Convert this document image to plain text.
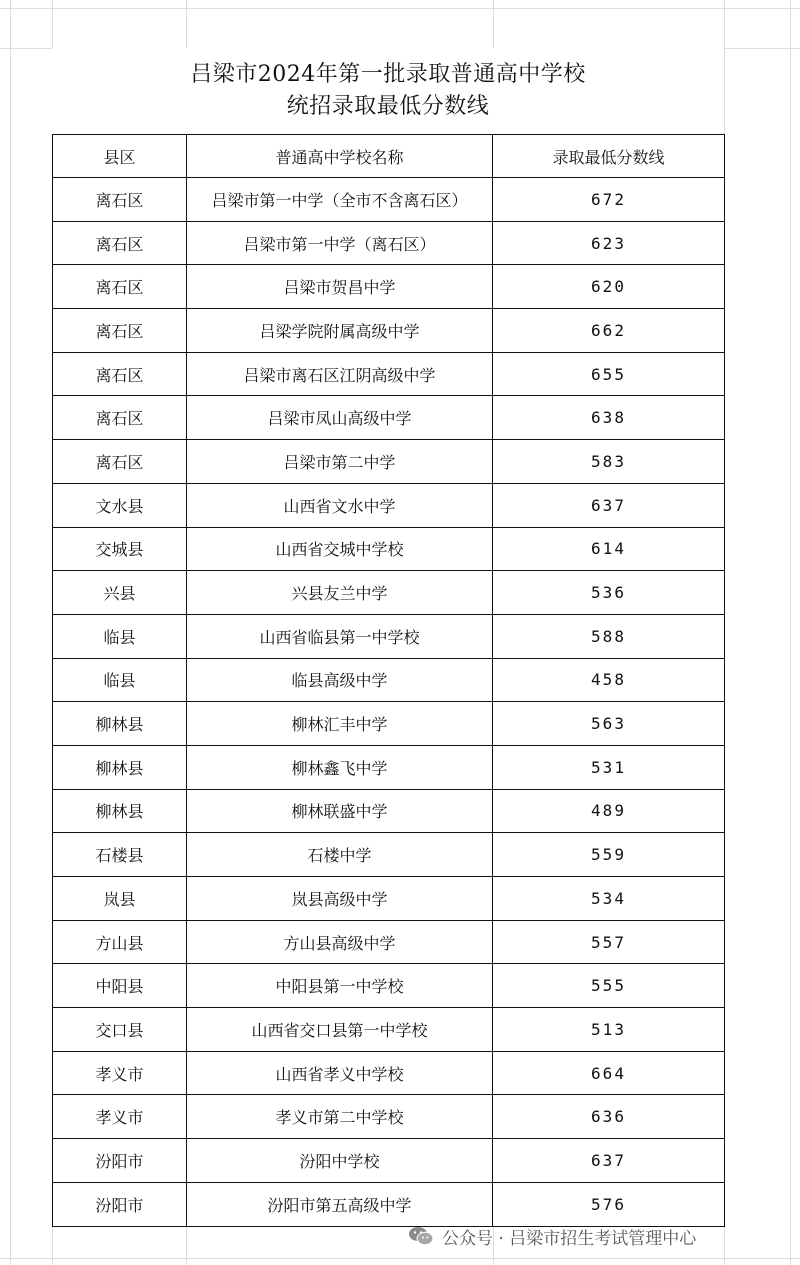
吕梁市2024年第一批录取普通高中学校
统招录取最低分数线
县区	普通高中学校名称	录取最低分数线
离石区	吕梁市第一中学（全市不含离石区）	672
离石区	吕梁市第一中学（离石区）	623
离石区	吕梁市贺昌中学	620
离石区	吕梁学院附属高级中学	662
离石区	吕梁市离石区江阴高级中学	655
离石区	吕梁市凤山高级中学	638
离石区	吕梁市第二中学	583
文水县	山西省文水中学	637
交城县	山西省交城中学校	614
兴县	兴县友兰中学	536
临县	山西省临县第一中学校	588
临县	临县高级中学	458
柳林县	柳林汇丰中学	563
柳林县	柳林鑫飞中学	531
柳林县	柳林联盛中学	489
石楼县	石楼中学	559
岚县	岚县高级中学	534
方山县	方山县高级中学	557
中阳县	中阳县第一中学校	555
交口县	山西省交口县第一中学校	513
孝义市	山西省孝义中学校	664
孝义市	孝义市第二中学校	636
汾阳市	汾阳中学校	637
汾阳市	汾阳市第五高级中学	576
公众号 · 吕梁市招生考试管理中心
